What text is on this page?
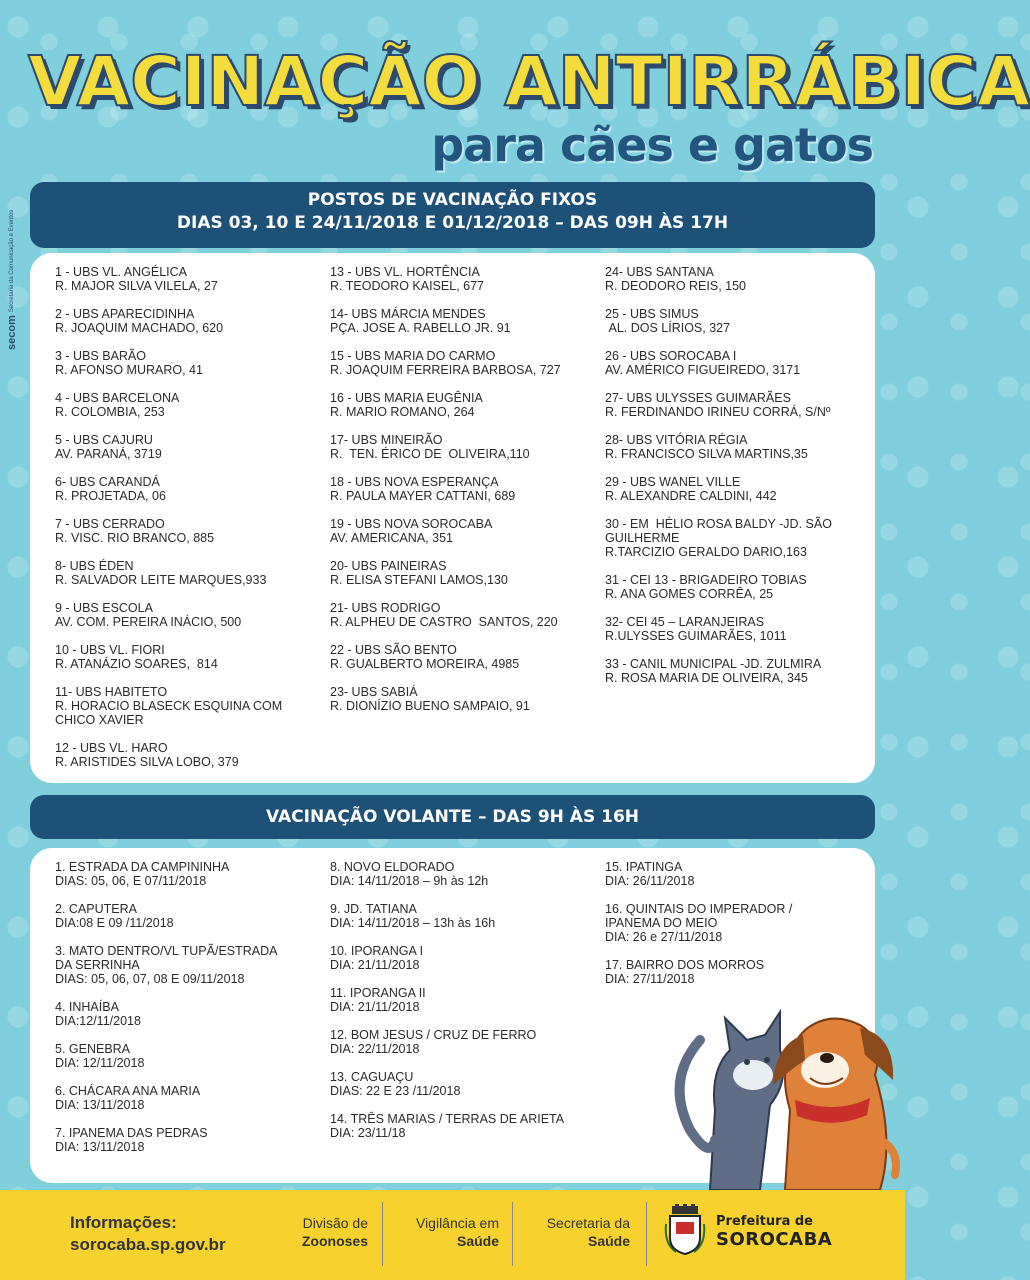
VACINAÇÃO ANTIRRÁBICA
para cães e gatos
secom Secretaria da Comunicação e Eventos
POSTOS DE VACINAÇÃO FIXOS
DIAS 03, 10 E 24/11/2018 E 01/12/2018 – DAS 09H ÀS 17H
1 - UBS VL. ANGÉLICA
R. MAJOR SILVA VILELA, 27
2 - UBS APARECIDINHA
R. JOAQUIM MACHADO, 620
3 - UBS BARÃO
R. AFONSO MURARO, 41
4 - UBS BARCELONA
R. COLOMBIA, 253
5 - UBS CAJURU
AV. PARANÁ, 3719
6- UBS CARANDÁ
R. PROJETADA, 06
7 - UBS CERRADO
R. VISC. RIO BRANCO, 885
8- UBS ÉDEN
R. SALVADOR LEITE MARQUES,933
9 - UBS ESCOLA
AV. COM. PEREIRA INÁCIO, 500
10 - UBS VL. FIORI
R. ATANÁZIO SOARES,  814
11- UBS HABITETO
R. HORACIO BLASECK ESQUINA COM
CHICO XAVIER
12 - UBS VL. HARO
R. ARISTIDES SILVA LOBO, 379
13 - UBS VL. HORTÊNCIA
R. TEODORO KAISEL, 677
14- UBS MÁRCIA MENDES
PÇA. JOSE A. RABELLO JR. 91
15 - UBS MARIA DO CARMO
R. JOAQUIM FERREIRA BARBOSA, 727
16 - UBS MARIA EUGÊNIA
R. MARIO ROMANO, 264
17- UBS MINEIRÃO
R.  TEN. ÉRICO DE  OLIVEIRA,110
18 - UBS NOVA ESPERANÇA
R. PAULA MAYER CATTANI, 689
19 - UBS NOVA SOROCABA
AV. AMERICANA, 351
20- UBS PAINEIRAS
R. ELISA STEFANI LAMOS,130
21- UBS RODRIGO
R. ALPHEU DE CASTRO  SANTOS, 220
22 - UBS SÃO BENTO
R. GUALBERTO MOREIRA, 4985
23- UBS SABIÁ
R. DIONÍZIO BUENO SAMPAIO, 91
24- UBS SANTANA
R. DEODORO REIS, 150
25 - UBS SIMUS
AL. DOS LÍRIOS, 327
26 - UBS SOROCABA I
AV. AMÉRICO FIGUEIREDO, 3171
27- UBS ULYSSES GUIMARÃES
R. FERDINANDO IRINEU CORRÁ, S/Nº
28- UBS VITÓRIA RÉGIA
R. FRANCISCO SILVA MARTINS,35
29 - UBS WANEL VILLE
R. ALEXANDRE CALDINI, 442
30 - EM  HÉLIO ROSA BALDY -JD. SÃO
GUILHERME
R.TARCIZIO GERALDO DARIO,163
31 - CEI 13 - BRIGADEIRO TOBIAS
R. ANA GOMES CORRÊA, 25
32- CEI 45 – LARANJEIRAS
R.ULYSSES GUIMARÃES, 1011
33 - CANIL MUNICIPAL -JD. ZULMIRA
R. ROSA MARIA DE OLIVEIRA, 345
VACINAÇÃO VOLANTE – DAS 9H ÀS 16H
1. ESTRADA DA CAMPININHA
DIAS: 05, 06, E 07/11/2018
2. CAPUTERA
DIA:08 E 09 /11/2018
3. MATO DENTRO/VL TUPÃ/ESTRADA
DA SERRINHA
DIAS: 05, 06, 07, 08 E 09/11/2018
4. INHAÍBA
DIA:12/11/2018
5. GENEBRA
DIA: 12/11/2018
6. CHÁCARA ANA MARIA
DIA: 13/11/2018
7. IPANEMA DAS PEDRAS
DIA: 13/11/2018
8. NOVO ELDORADO
DIA: 14/11/2018 – 9h às 12h
9. JD. TATIANA
DIA: 14/11/2018 – 13h às 16h
10. IPORANGA I
DIA: 21/11/2018
11. IPORANGA II
DIA: 21/11/2018
12. BOM JESUS / CRUZ DE FERRO
DIA: 22/11/2018
13. CAGUAÇU
DIAS: 22 E 23 /11/2018
14. TRÊS MARIAS / TERRAS DE ARIETA
DIA: 23/11/18
15. IPATINGA
DIA: 26/11/2018
16. QUINTAIS DO IMPERADOR /
IPANEMA DO MEIO
DIA: 26 e 27/11/2018
17. BAIRRO DOS MORROS
DIA: 27/11/2018
Informações:
sorocaba.sp.gov.br
Divisão de
Zoonoses
Vigilância em
Saúde
Secretaria da
Saúde
Prefeitura de
SOROCABA
